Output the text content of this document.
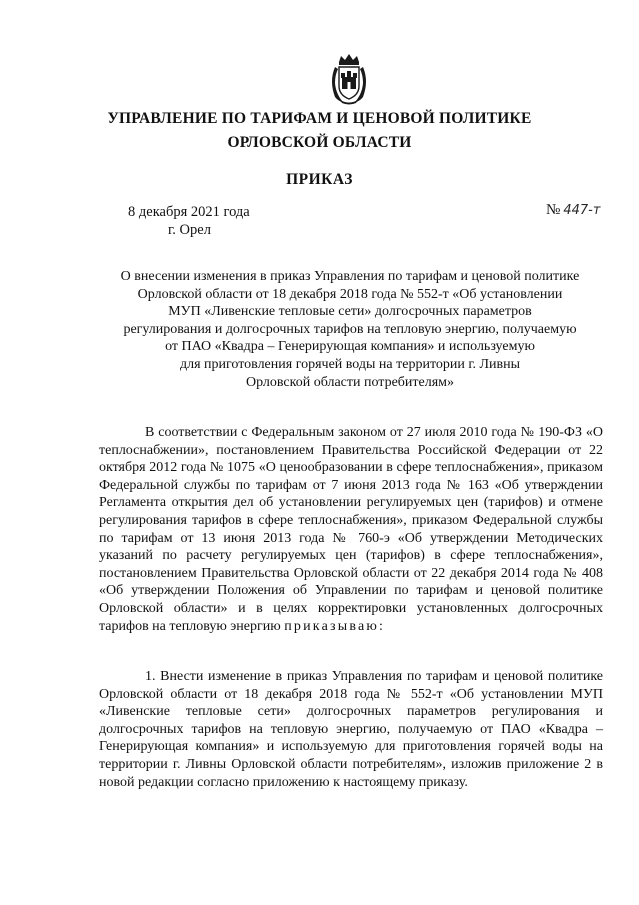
УПРАВЛЕНИЕ ПО ТАРИФАМ И ЦЕНОВОЙ ПОЛИТИКЕ
ОРЛОВСКОЙ ОБЛАСТИ
ПРИКАЗ
8 декабря 2021 года
г. Орел
№ 447-т
О внесении изменения в приказ Управления по тарифам и ценовой политике
Орловской области от 18 декабря 2018 года № 552-т «Об установлении
МУП «Ливенские тепловые сети» долгосрочных параметров
регулирования и долгосрочных тарифов на тепловую энергию, получаемую
от ПАО «Квадра – Генерирующая компания» и используемую
для приготовления горячей воды на территории г. Ливны
Орловской области потребителям»

В соответствии с Федеральным законом от 27 июля 2010 года № 190-ФЗ «О теплоснабжении», постановлением Правительства Российской Федерации от 22 октября 2012 года № 1075 «О ценообразовании в сфере теплоснабжения», приказом Федеральной службы по тарифам от 7 июня 2013 года № 163 «Об утверждении Регламента открытия дел об установлении регулируемых цен (тарифов) и отмене регулирования тарифов в сфере теплоснабжения», приказом Федеральной службы по тарифам от 13 июня 2013 года № 760-э «Об утверждении Методических указаний по расчету регулируемых цен (тарифов) в сфере теплоснабжения», постановлением Правительства Орловской области от 22 декабря 2014 года № 408 «Об утверждении Положения об Управлении по тарифам и ценовой политике Орловской области» и в целях корректировки установленных долгосрочных тарифов на тепловую энергию приказываю:

1. Внести изменение в приказ Управления по тарифам и ценовой политике Орловской области от 18 декабря 2018 года № 552-т «Об установлении МУП «Ливенские тепловые сети» долгосрочных параметров регулирования и долгосрочных тарифов на тепловую энергию, получаемую от ПАО «Квадра – Генерирующая компания» и используемую для приготовления горячей воды на территории г. Ливны Орловской области потребителям», изложив приложение 2 в новой редакции согласно приложению к настоящему приказу.
